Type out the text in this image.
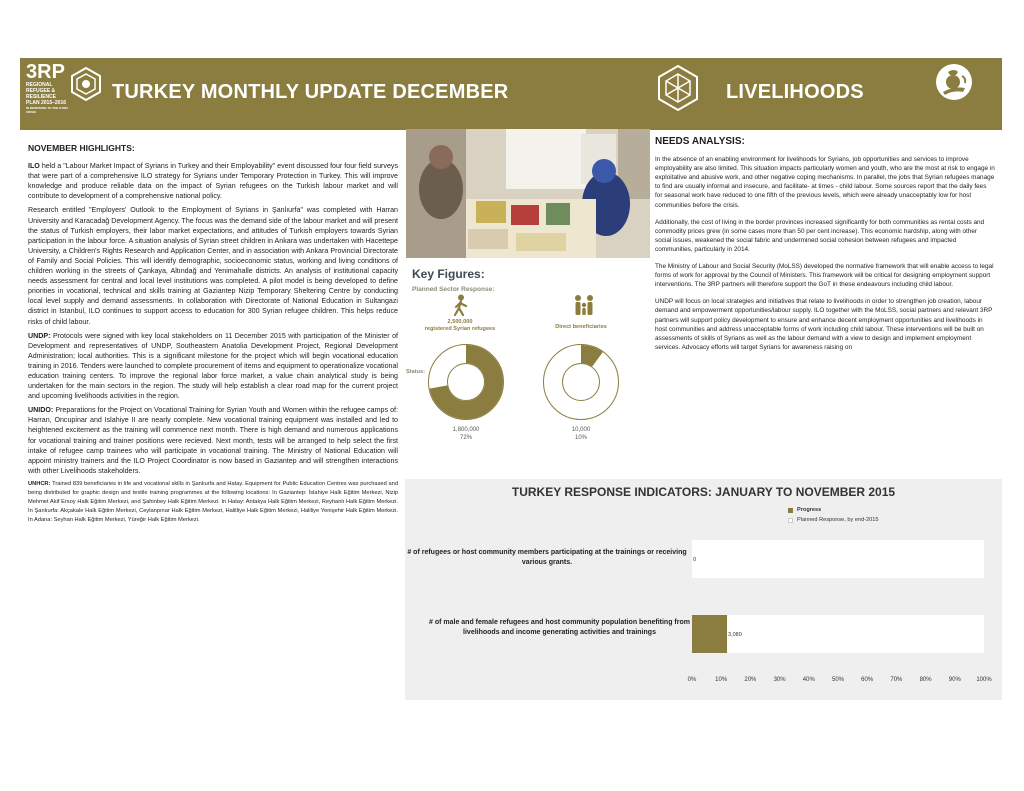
3RP
REGIONAL
REFUGEE &
RESILIENCE
PLAN 2015–2016
IN RESPONSE TO THE SYRIA CRISIS
TURKEY MONTHLY UPDATE DECEMBER	LIVELIHOODS
NOVEMBER HIGHLIGHTS:

ILO held a "Labour Market Impact of Syrians in Turkey and their Employability" event discussed four four field surveys that were part of a comprehensive ILO strategy for Syrians under Temporary Protection in Turkey. This will improve knowledge and produce reliable data on the impact of Syrian refugees on the Turkish labour market and will contribute to development of a comprehensive national policy.

Research entitled "Employers' Outlook to the Employment of Syrians in Şanlıurfa" was completed with Harran University and Karacadağ Development Agency. The focus was the demand side of the labour market and will present the status of Turkish employers, their labor market expectations, and attitudes of Turkish employers towards Syrian participation in the labour force. A situation analysis of Syrian street children in Ankara was undertaken with Hacettepe University, a Children's Rights Research and Application Center, and in association with Ankara Provincial Directorate of Family and Social Policies. This will identify demographic, socioeconomic status, working and living conditions of children working in the streets of Çankaya, Altındağ and Yenimahalle districts. An analysis of institutional capacity needs assessment for central and local level institutions was completed. A pilot model is being developed to define priorities in vocational, technical and skills training at Gaziantep Nizip Temporary Sheltering Centre by conducting local level supply and demand assessments. In collaboration with Directorate of National Education in Sultangazi district in Istanbul, ILO continues to support access to education for 300 Syrian refugee children. This helps reduce risks of child labour.

UNDP: Protocols were signed with key local stakeholders on 11 December 2015 with participation of the Minister of Development and representatives of UNDP, Southeastern Anatolia Development Project, Regional Development Administration; local authorities. This is a significant milestone for the project which will begin vocational education training in 2016. Tenders were launched to complete procurement of items and equipment to operationalize vocational education training centers. To improve the regional labor force market, a value chain analytical study is being undertaken for the main sectors in the region. The study will help establish a clear road map for the current project and upcoming livelihoods activities in the region.

UNIDO: Preparations for the Project on Vocational Training for Syrian Youth and Women within the refugee camps of: Harran, Oncupinar and Islahiye II are nearly complete. New vocational training equipment was installed and led to heightened excitement as the training will commence next month. There is high demand and numerous applications for vocational training and trainer positions were recieved. Next month, tests will be arranged to help select the first intake of refugee camp trainees who will participate in vocational training. The Ministry of National Education will appoint ministry trainers and the ILO Project Coordinator is now based in Gaziantep and will strengthen interactions with other Livelihoods stakeholders.

UNHCR: Trained 839 beneficiaries in life and vocational skills in Şanlıurfa and Hatay. Equipment for Public Education Centres was purchased and being distributed for graphic design and textile training programmes at the following locations: In Gaziantep: İslahiye Halk Eğitim Merkezi, Nizip Mehmet Akif Ersoy Halk Eğitim Merkezi, and Şahinbey Halk Eğitim Merkezi. In Hatay: Antakya Halk Eğitim Merkezi, Reyhanlı Halk Eğitim Merkezi. In Şanlıurfa: Akçakale Halk Eğitim Merkezi, Ceylanpınar Halk Eğitim Merkezi, Halilliye Halk Eğitim Merkezi, Haliliye Yenişehir Halk Eğitim Merkezi. In Adana: Seyhan Halk Eğitim Merkezi, Yüreğir Halk Eğitim Merkezi.

Key Figures:
Planned Sector Response:
2,500,000
registered Syrian refugees	Direct beneficiaries
Status:
1,800,000
72%
10,000
10%
NEEDS ANALYSIS:

In the absence of an enabling environment for livelihoods for Syrians, job opportunities and services to improve employability are also limited. This situation impacts particularly women and youth, who are the most at risk to engage in exploitative and abusive work, and other negative coping mechanisms. In parallel, the jobs that Syrian refugees manage to find are usually informal and insecure, and facilitate- at times - child labour. Some sources report that the daily fees for seasonal work have reduced to one fifth of the previous levels, which were already unacceptably low for host communities before the crisis.

Additionally, the cost of living in the border provinces increased significantly for both communities as rental costs and commodity prices grew (in some cases more than 50 per cent increase). This economic hardship, along with other social issues, weakened the social fabric and undermined social cohesion between refugees and impacted communities, particularly in 2014.

The Ministry of Labour and Social Security (MoLSS) developed the normative framework that will enable access to legal forms of work for approval by the Council of Ministers. This framework will be critical for designing employment support interventions. The 3RP partners will therefore support the GoT in these endeavours including child labour.

UNDP will focus on local strategies and initiatives that relate to livelihoods in order to strengthen job creation, labour demand and empowerment opportunities/labour supply. ILO together with the MoLSS, social partners and relevant 3RP partners will support policy development to ensure and enhance decent employment opportunities and livelihoods in host communities and address unacceptable forms of work including child labour. These interventions will be built on assessments of skills of Syrians as well as the labour demand with a view to design and implement employment services. Advocacy efforts will target Syrians for awareness raising on

TURKEY RESPONSE INDICATORS: JANUARY TO NOVEMBER 2015
Progress
Planned Response, by end-2015
# of refugees or host community members participating at the trainings or receiving various grants.
# of male and female refugees and host community population benefiting from livelihoods and income generating activities and trainings
0
3,080
0%	10%	20%	30%	40%	50%	60%	70%	80%	90%	100%
